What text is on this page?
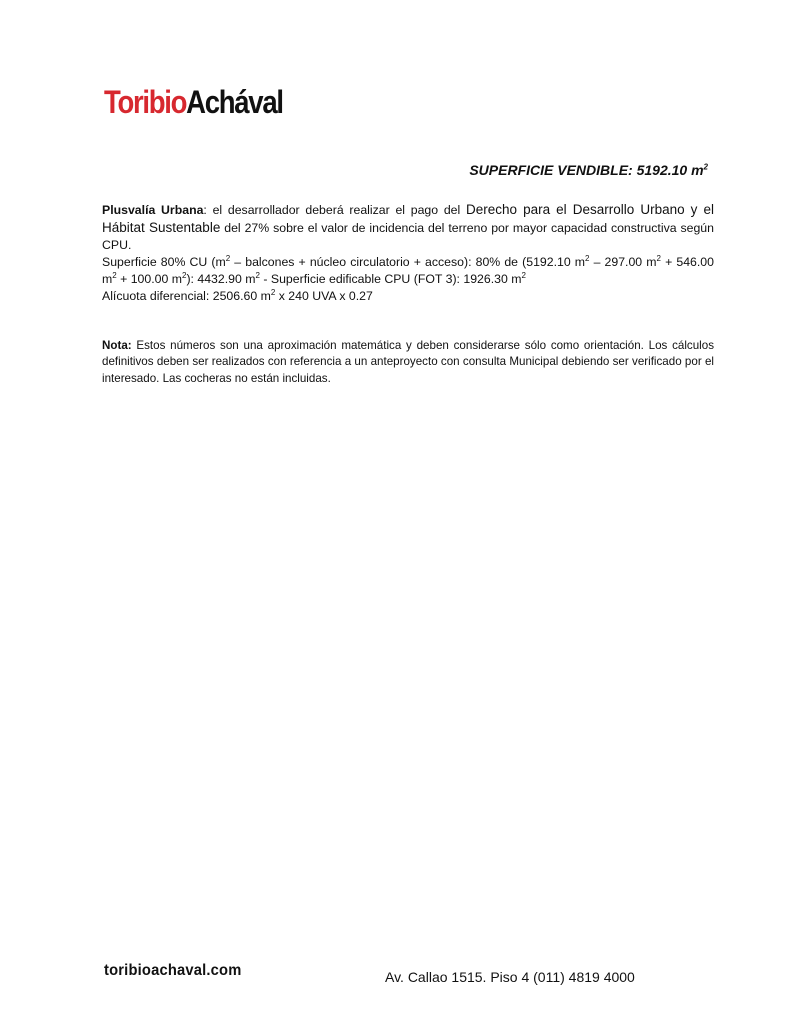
ToribioAchával
SUPERFICIE VENDIBLE: 5192.10 $m^2$

Plusvalía Urbana: el desarrollador deberá realizar el pago del Derecho para el Desarrollo Urbano y el Hábitat Sustentable del 27% sobre el valor de incidencia del terreno por mayor capacidad constructiva según CPU.

Superficie 80% CU ($m^2$ – balcones + núcleo circulatorio + acceso): 80% de (5192.10 $m^2 - 297.00$ $m^2 + 546.00$ $m^2 + 100.00$ $m^2$): 4432.90 $m^2$ - Superficie edificable CPU (FOT 3): 1926.30 $m^2$

Alícuota diferencial: 2506.60 $m^2$ x 240 UVA x 0.27

Nota: Estos números son una aproximación matemática y deben considerarse sólo como orientación. Los cálculos definitivos deben ser realizados con referencia a un anteproyecto con consulta Municipal debiendo ser verificado por el interesado. Las cocheras no están incluidas.

toribioachaval.com	Av. Callao 1515. Piso 4 (011) 4819 4000
